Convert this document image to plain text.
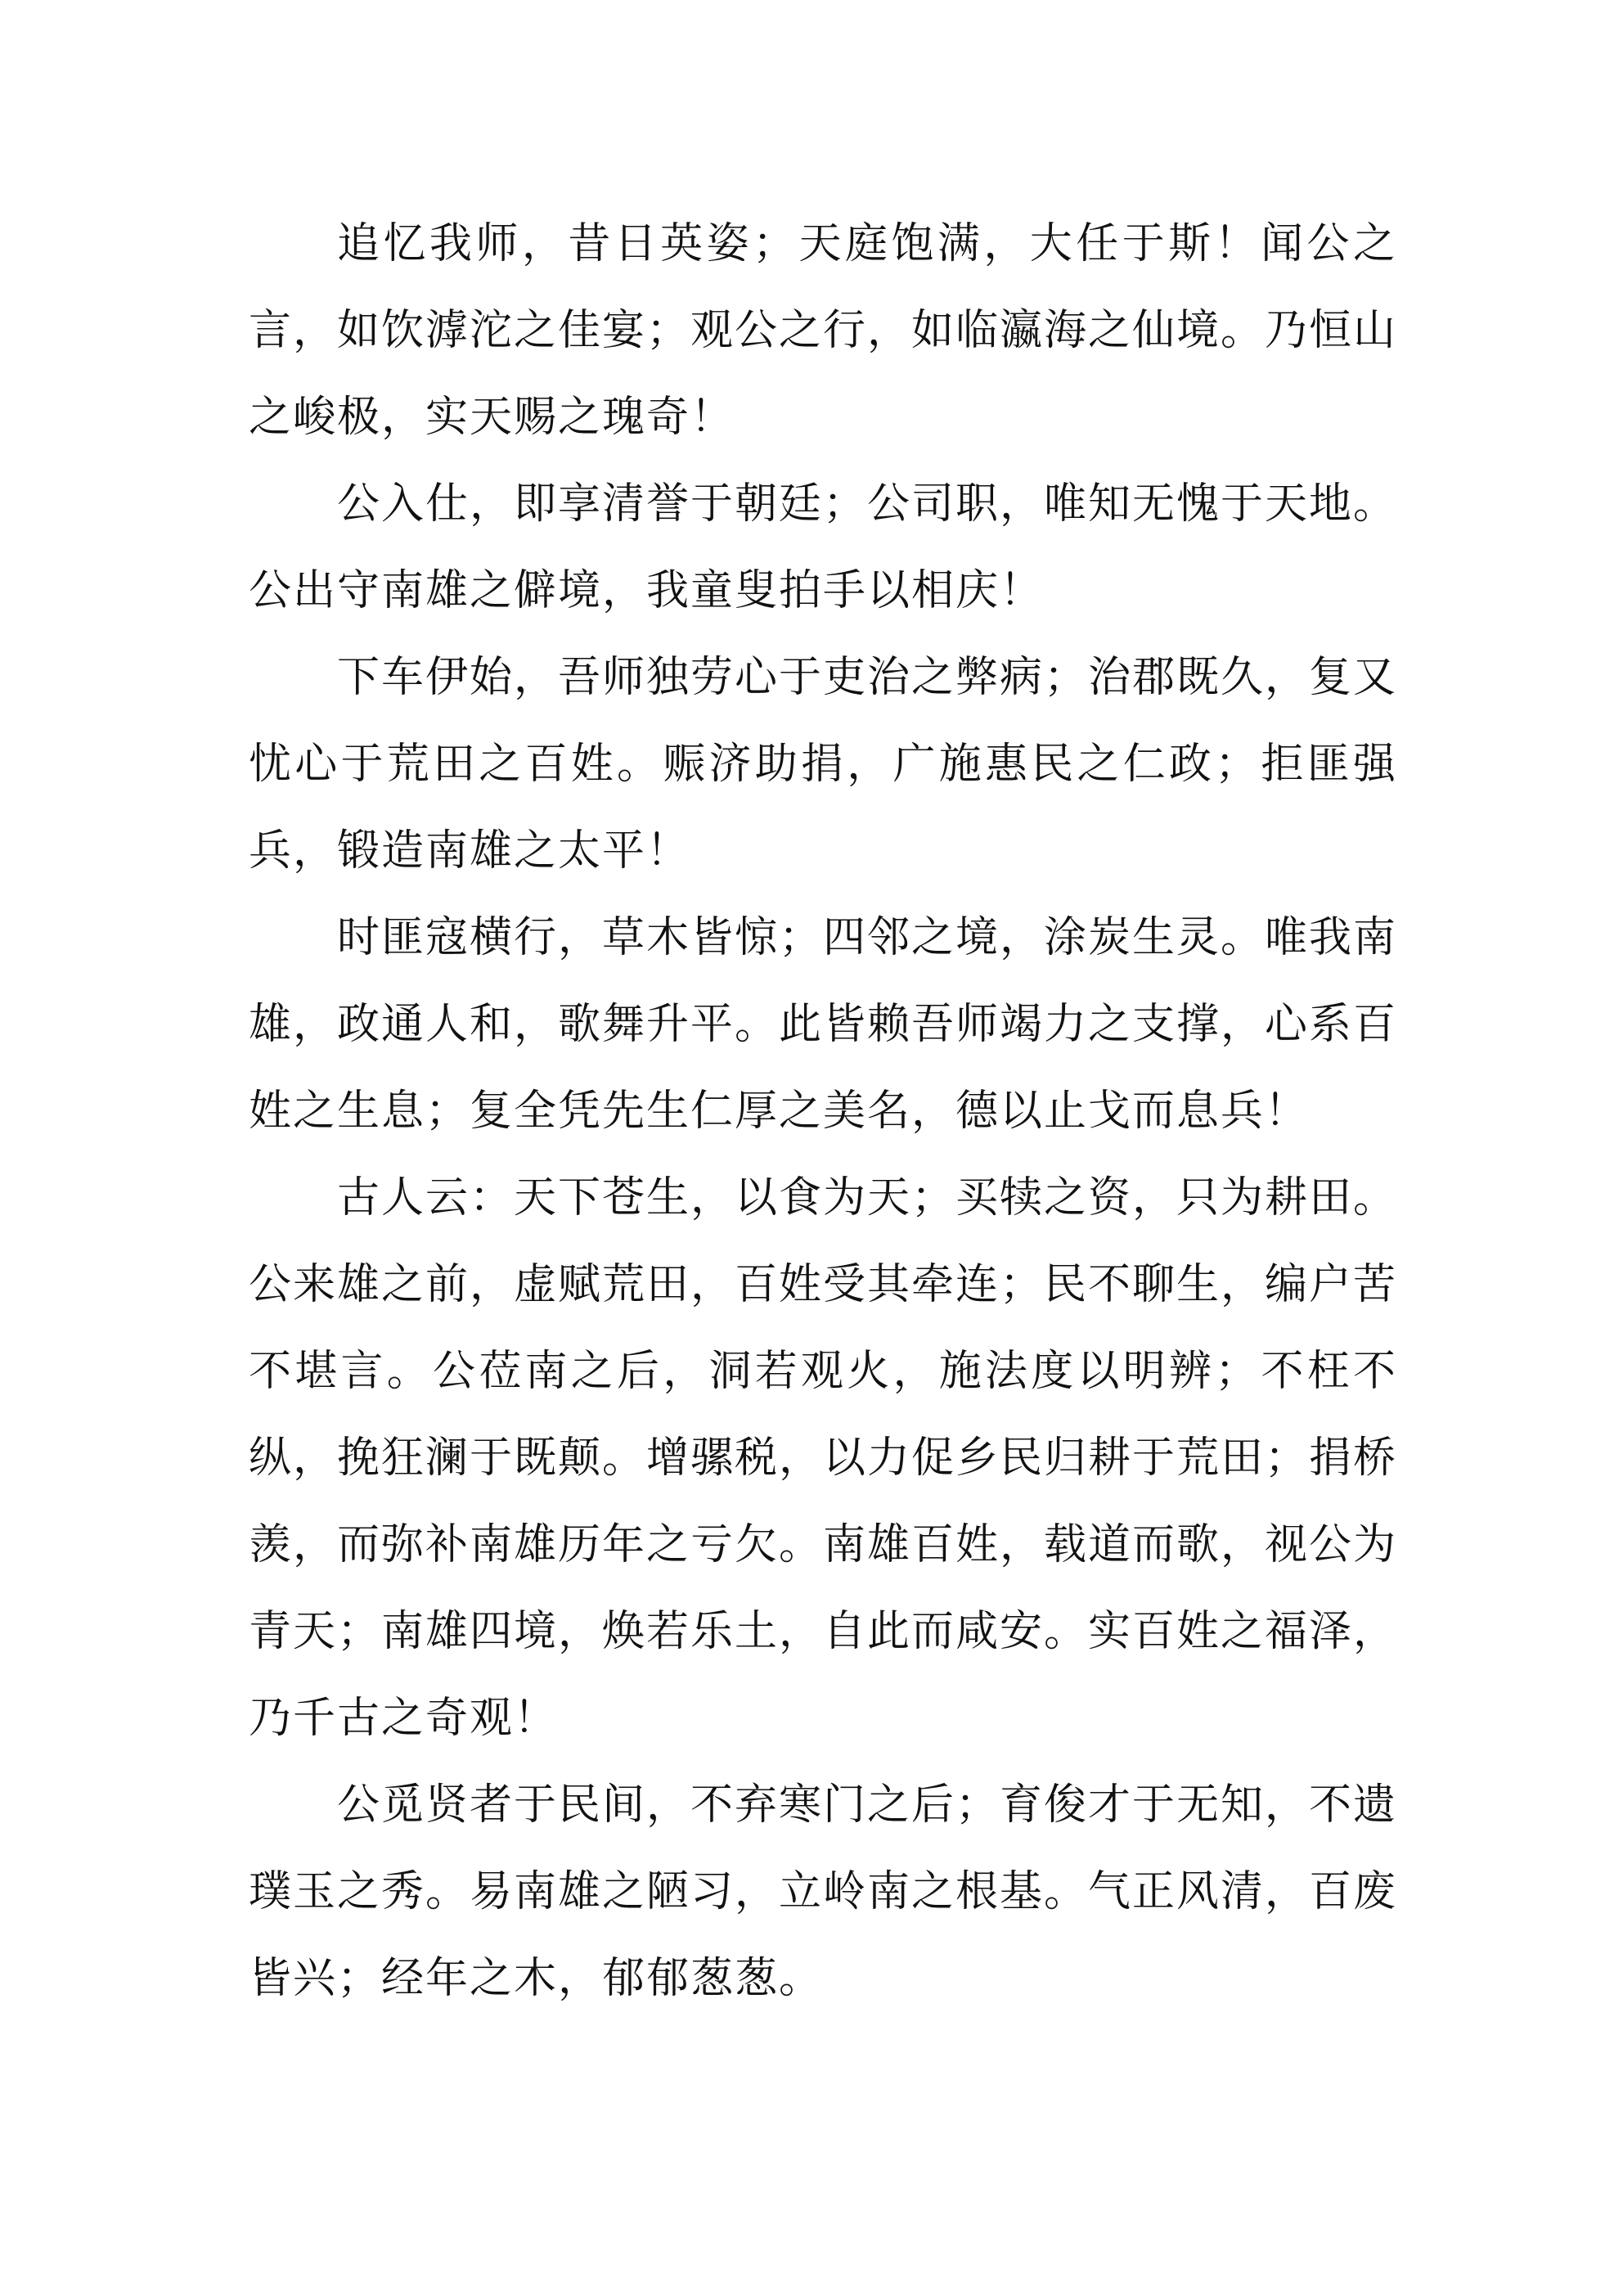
追忆我师，昔日英姿；天庭饱满，大任于斯！闻公之言，如饮滹沱之佳宴；观公之行，如临瀛海之仙境。乃恒山之峻极，实天赐之瑰奇！

公入仕，即享清誉于朝廷；公司职，唯知无愧于天地。公出守南雄之僻境，我童叟拍手以相庆！

下车伊始，吾师独劳心于吏治之弊病；治郡既久，复又忧心于荒田之百姓。赈济助捐，广施惠民之仁政；拒匪强兵，锻造南雄之太平！

时匪寇横行，草木皆惊；四邻之境，涂炭生灵。唯我南雄，政通人和，歌舞升平。此皆赖吾师竭力之支撑，心系百姓之生息；复全凭先生仁厚之美名，德以止戈而息兵！

古人云：天下苍生，以食为天；买犊之资，只为耕田。公来雄之前，虚赋荒田，百姓受其牵连；民不聊生，编户苦不堪言。公莅南之后，洞若观火，施法度以明辨；不枉不纵，挽狂澜于既颠。增骡税，以力促乡民归耕于荒田；捐桥羡，而弥补南雄历年之亏欠。南雄百姓，载道而歌，视公为青天；南雄四境，焕若乐土，自此而咸安。实百姓之福泽，乃千古之奇观！

公觅贤者于民间，不弃寒门之后；育俊才于无知，不遗璞玉之秀。易南雄之陋习，立岭南之根基。气正风清，百废皆兴；经年之木，郁郁葱葱。
